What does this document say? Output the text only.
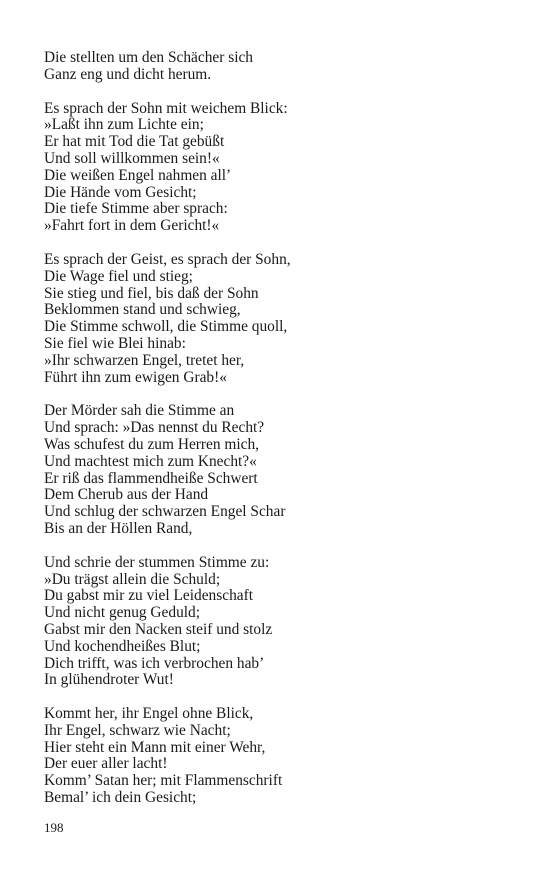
Die stellten um den Schächer sich
Ganz eng und dicht herum.
Es sprach der Sohn mit weichem Blick:
»Laßt ihn zum Lichte ein;
Er hat mit Tod die Tat gebüßt
Und soll willkommen sein!«
Die weißen Engel nahmen all’
Die Hände vom Gesicht;
Die tiefe Stimme aber sprach:
»Fahrt fort in dem Gericht!«
Es sprach der Geist, es sprach der Sohn,
Die Wage fiel und stieg;
Sie stieg und fiel, bis daß der Sohn
Beklommen stand und schwieg,
Die Stimme schwoll, die Stimme quoll,
Sie fiel wie Blei hinab:
»Ihr schwarzen Engel, tretet her,
Führt ihn zum ewigen Grab!«
Der Mörder sah die Stimme an
Und sprach: »Das nennst du Recht?
Was schufest du zum Herren mich,
Und machtest mich zum Knecht?«
Er riß das flammendheiße Schwert
Dem Cherub aus der Hand
Und schlug der schwarzen Engel Schar
Bis an der Höllen Rand,
Und schrie der stummen Stimme zu:
»Du trägst allein die Schuld;
Du gabst mir zu viel Leidenschaft
Und nicht genug Geduld;
Gabst mir den Nacken steif und stolz
Und kochendheißes Blut;
Dich trifft, was ich verbrochen hab’
In glühendroter Wut!
Kommt her, ihr Engel ohne Blick,
Ihr Engel, schwarz wie Nacht;
Hier steht ein Mann mit einer Wehr,
Der euer aller lacht!
Komm’ Satan her; mit Flammenschrift
Bemal’ ich dein Gesicht;
198
